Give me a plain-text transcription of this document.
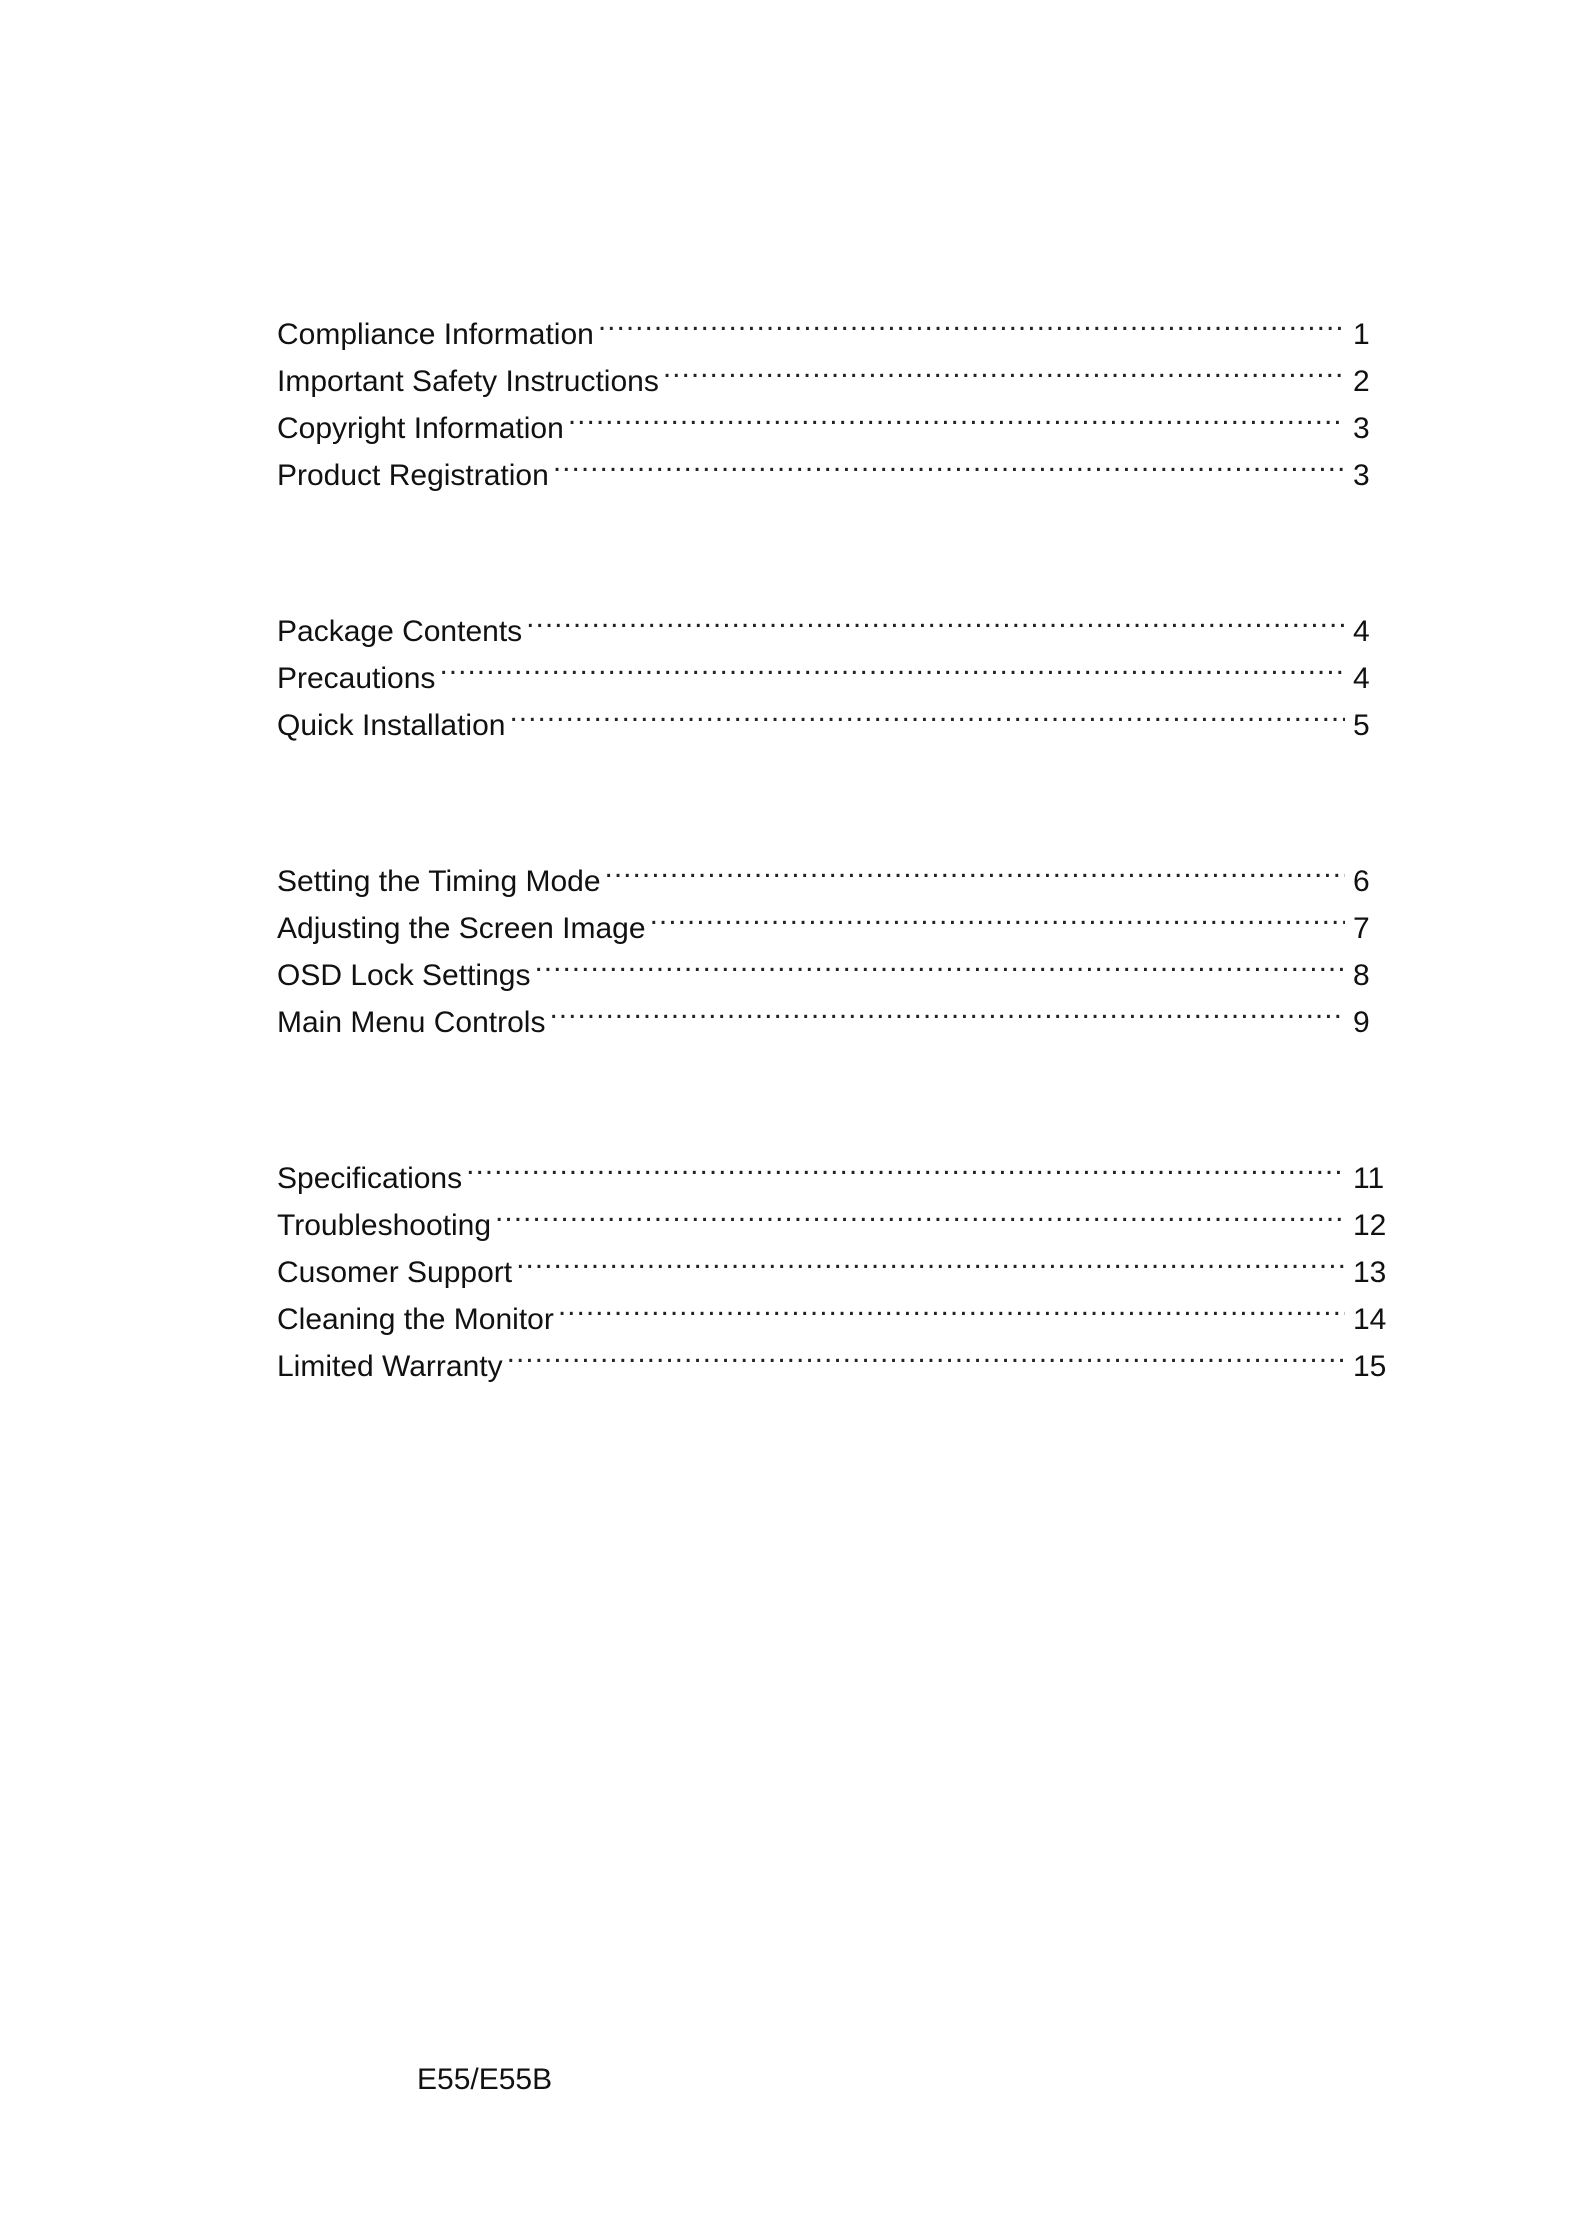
Compliance Information .....	1
Important Safety Instructions .....	2
Copyright Information .....	3
Product Registration .....	3
Package Contents .....	4
Precautions .....	4
Quick Installation .....	5
Setting the Timing Mode .....	6
Adjusting the Screen Image .....	7
OSD Lock Settings .....	8
Main Menu Controls .....	9
Specifications .....	11
Troubleshooting .....	12
Cusomer Support .....	13
Cleaning the Monitor .....	14
Limited Warranty .....	15
E55/E55B
